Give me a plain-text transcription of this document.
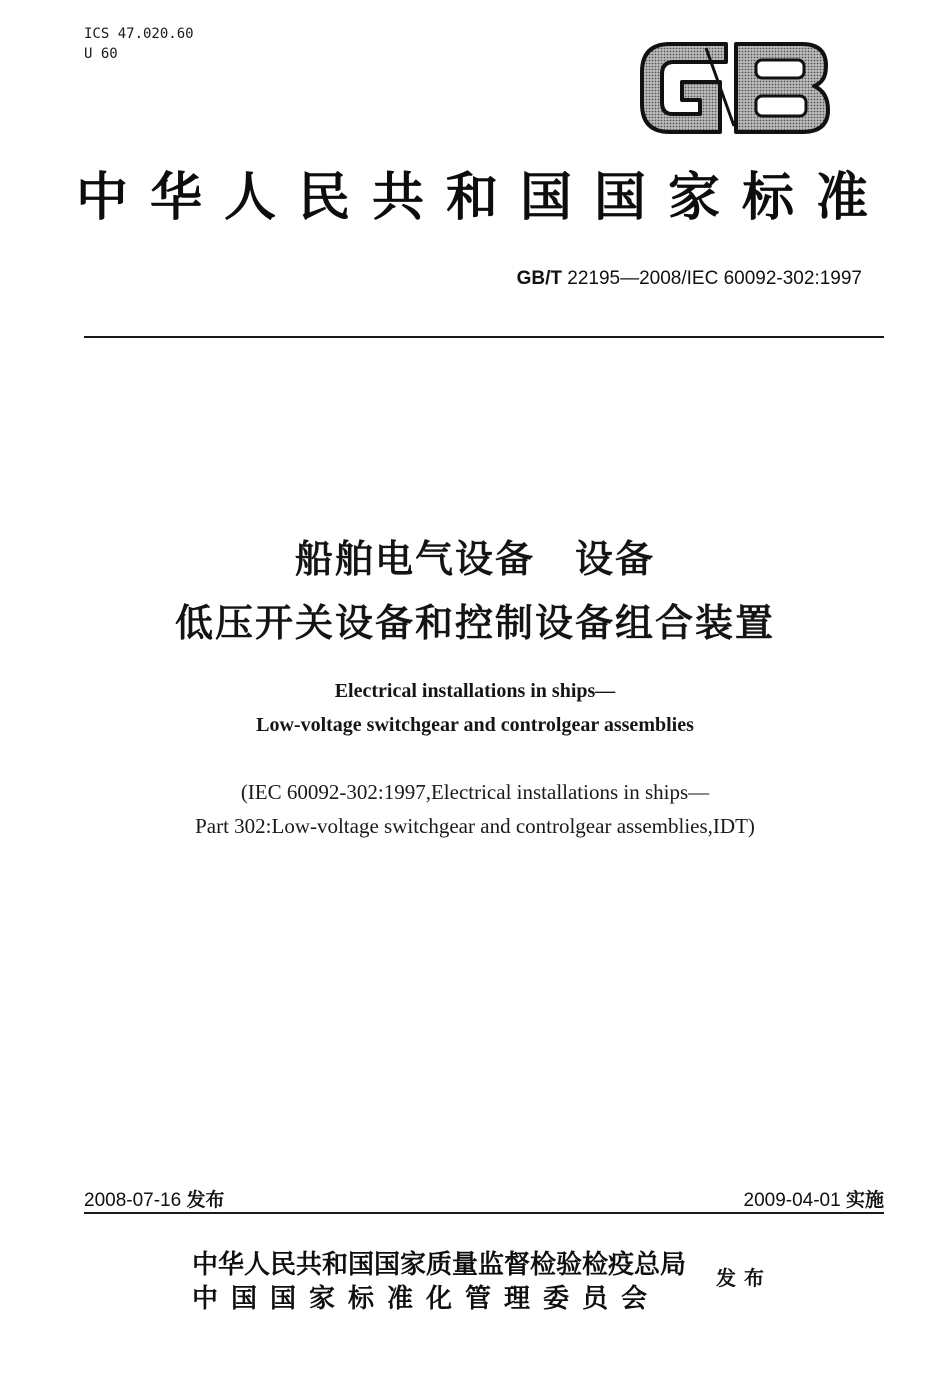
ICS 47.020.60
U 60
中华人民共和国国家标准
GB/T 22195—2008/IEC 60092-302:1997
船舶电气设备　设备
低压开关设备和控制设备组合装置
Electrical installations in ships—
Low-voltage switchgear and controlgear assemblies
(IEC 60092-302:1997,Electrical installations in ships—
Part 302:Low-voltage switchgear and controlgear assemblies,IDT)
2008-07-16 发布	2009-04-01 实施
中华人民共和国国家质量监督检验检疫总局
中国国家标准化管理委员会
发布
